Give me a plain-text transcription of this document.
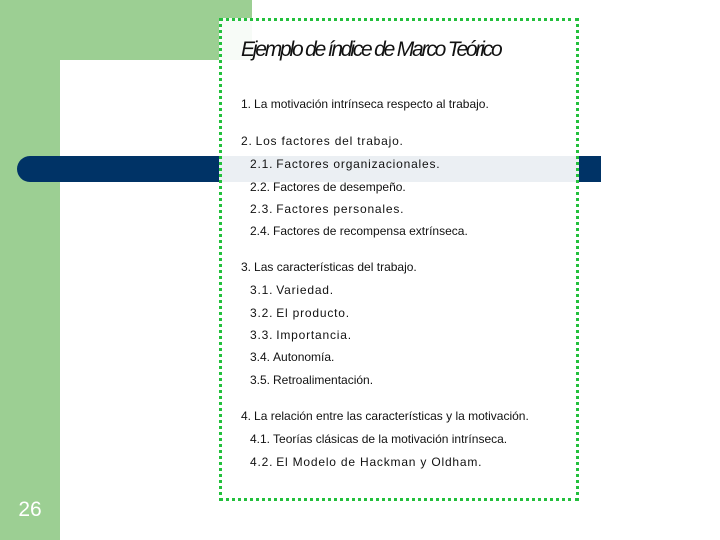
26
Ejemplo de índice de Marco Teórico
1. La motivación intrínseca respecto al trabajo.
2. Los factores del trabajo.
2.1. Factores organizacionales.
2.2. Factores de desempeño.
2.3. Factores personales.
2.4. Factores de recompensa extrínseca.
3. Las características del trabajo.
3.1. Variedad.
3.2. El producto.
3.3. Importancia.
3.4. Autonomía.
3.5. Retroalimentación.
4. La relación entre las características y la motivación.
4.1. Teorías clásicas de la motivación intrínseca.
4.2. El Modelo de Hackman y Oldham.
